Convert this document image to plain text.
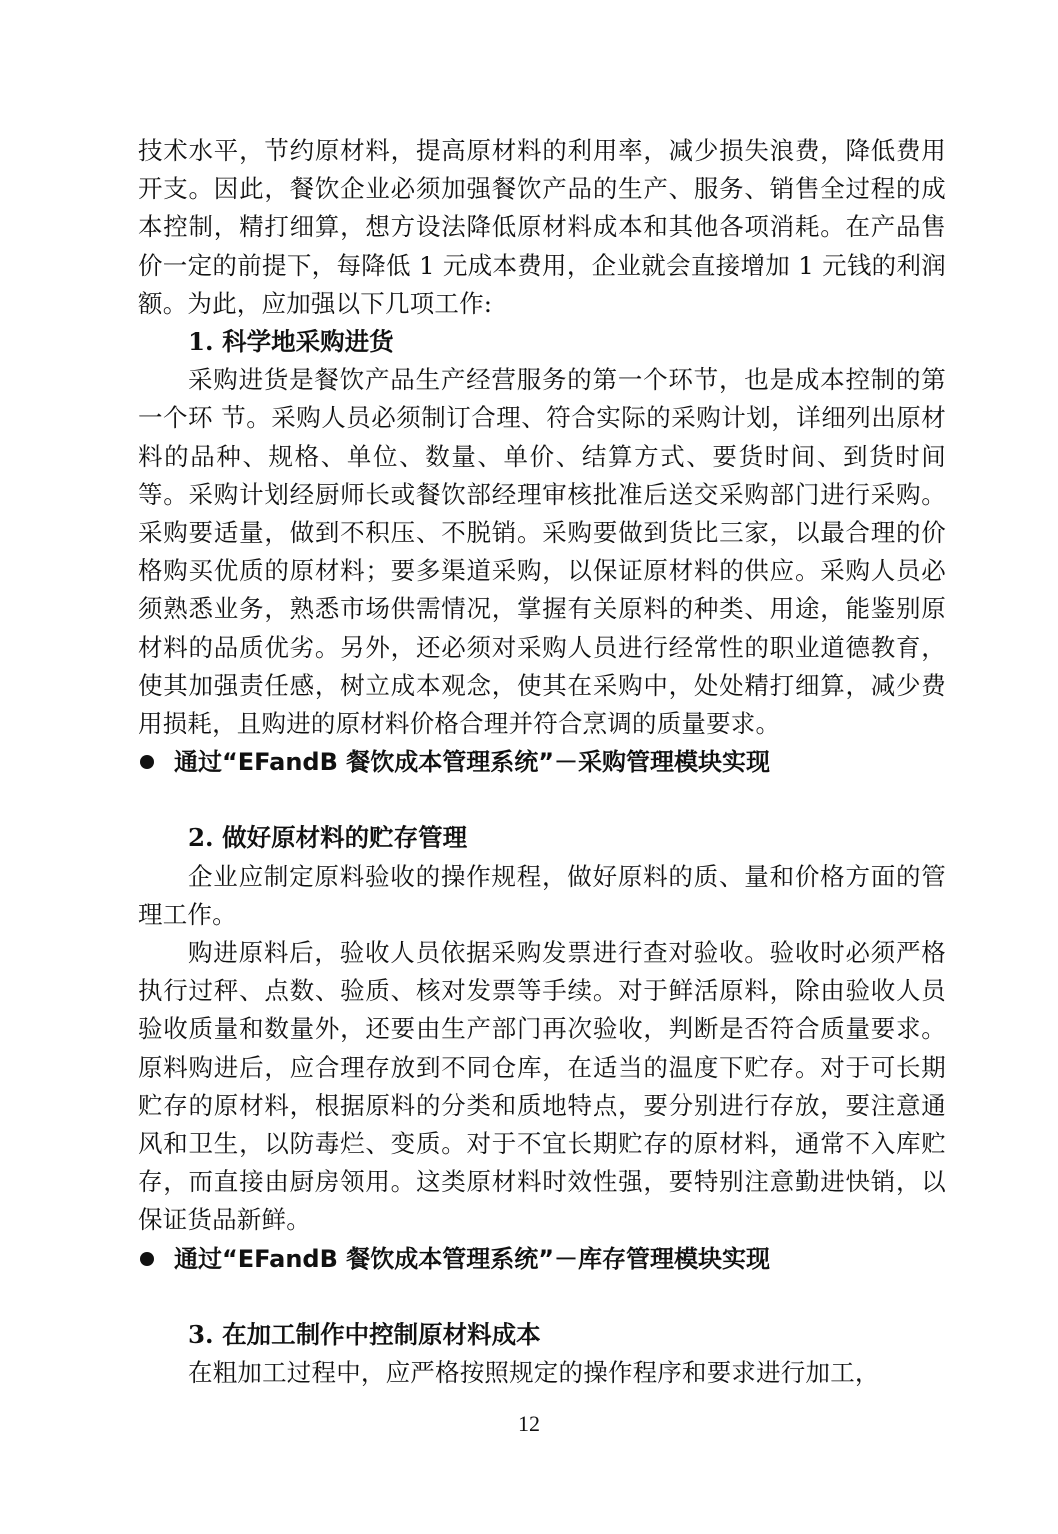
技术水平，节约原材料，提高原材料的利用率，减少损失浪费，降低费用开支。因此，餐饮企业必须加强餐饮产品的生产、服务、销售全过程的成本控制，精打细算，想方设法降低原材料成本和其他各项消耗。在产品售价一定的前提下，每降低 1 元成本费用，企业就会直接增加 1 元钱的利润额。为此，应加强以下几项工作:

1. 科学地采购进货

采购进货是餐饮产品生产经营服务的第一个环节，也是成本控制的第一个环 节。采购人员必须制订合理、符合实际的采购计划，详细列出原材料的品种、规格、单位、数量、单价、结算方式、要货时间、到货时间等。采购计划经厨师长或餐饮部经理审核批准后送交采购部门进行采购。采购要适量，做到不积压、不脱销。采购要做到货比三家，以最合理的价格购买优质的原材料；要多渠道采购，以保证原材料的供应。采购人员必须熟悉业务，熟悉市场供需情况，掌握有关原料的种类、用途，能鉴别原材料的品质优劣。另外，还必须对采购人员进行经常性的职业道德教育，使其加强责任感，树立成本观念，使其在采购中，处处精打细算，减少费用损耗，且购进的原材料价格合理并符合烹调的质量要求。

通过“EFandB 餐饮成本管理系统”－采购管理模块实现

2. 做好原材料的贮存管理

企业应制定原料验收的操作规程，做好原料的质、量和价格方面的管理工作。

购进原料后，验收人员依据采购发票进行查对验收。验收时必须严格执行过秤、点数、验质、核对发票等手续。对于鲜活原料，除由验收人员验收质量和数量外，还要由生产部门再次验收，判断是否符合质量要求。原料购进后，应合理存放到不同仓库，在适当的温度下贮存。对于可长期贮存的原材料，根据原料的分类和质地特点，要分别进行存放，要注意通风和卫生，以防毒烂、变质。对于不宜长期贮存的原材料，通常不入库贮存，而直接由厨房领用。这类原材料时效性强，要特别注意勤进快销，以保证货品新鲜。

通过“EFandB 餐饮成本管理系统”－库存管理模块实现

3. 在加工制作中控制原材料成本

在粗加工过程中，应严格按照规定的操作程序和要求进行加工，

12
